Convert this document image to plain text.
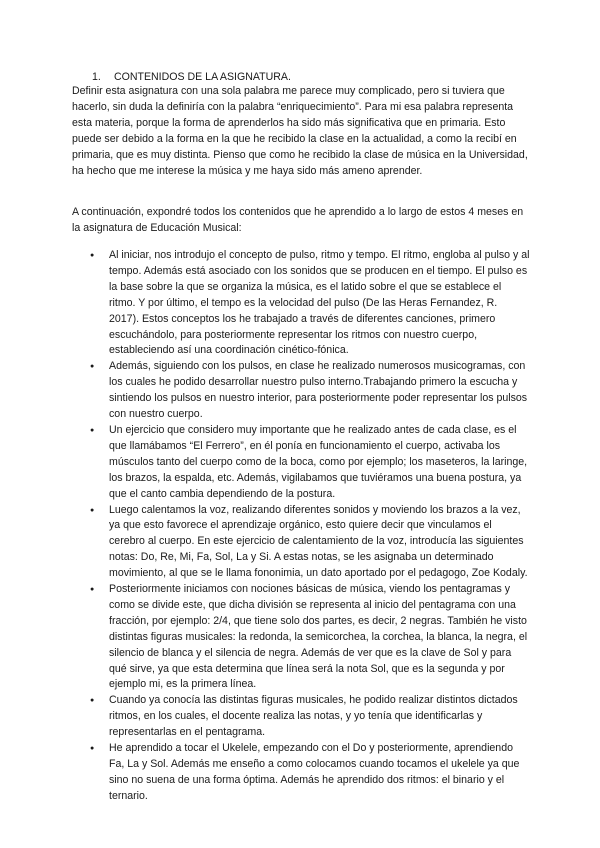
1. CONTENIDOS DE LA ASIGNATURA.

Definir esta asignatura con una sola palabra me parece muy complicado, pero si tuviera que hacerlo, sin duda la definiría con la palabra “enriquecimiento”. Para mi esa palabra representa esta materia, porque la forma de aprenderlos ha sido más significativa que en primaria. Esto puede ser debido a la forma en la que he recibido la clase en la actualidad, a como la recibí en primaria, que es muy distinta. Pienso que como he recibido la clase de música en la Universidad, ha hecho que me interese la música y me haya sido más ameno aprender.

A continuación, expondré todos los contenidos que he aprendido a lo largo de estos 4 meses en la asignatura de Educación Musical:

● Al iniciar, nos introdujo el concepto de pulso, ritmo y tempo. El ritmo, engloba al pulso y al tempo. Además está asociado con los sonidos que se producen en el tiempo. El pulso es la base sobre la que se organiza la música, es el latido sobre el que se establece el ritmo. Y por último, el tempo es la velocidad del pulso (De las Heras Fernandez, R. 2017). Estos conceptos los he trabajado a través de diferentes canciones, primero escuchándolo, para posteriormente representar los ritmos con nuestro cuerpo, estableciendo así una coordinación cinético-fónica.
● Además, siguiendo con los pulsos, en clase he realizado numerosos musicogramas, con los cuales he podido desarrollar nuestro pulso interno.Trabajando primero la escucha y sintiendo los pulsos en nuestro interior, para posteriormente poder representar los pulsos con nuestro cuerpo.
● Un ejercicio que considero muy importante que he realizado antes de cada clase, es el que llamábamos “El Ferrero”, en él ponía en funcionamiento el cuerpo, activaba los músculos tanto del cuerpo como de la boca, como por ejemplo; los maseteros, la laringe, los brazos, la espalda, etc. Además, vigilabamos que tuviéramos una buena postura, ya que el canto cambia dependiendo de la postura.
● Luego calentamos la voz, realizando diferentes sonidos y moviendo los brazos a la vez, ya que esto favorece el aprendizaje orgánico, esto quiere decir que vinculamos el cerebro al cuerpo. En este ejercicio de calentamiento de la voz, introducía las siguientes notas: Do, Re, Mi, Fa, Sol, La y Si. A estas notas, se les asignaba un determinado movimiento, al que se le llama fononimia, un dato aportado por el pedagogo, Zoe Kodaly.
● Posteriormente iniciamos con nociones básicas de música, viendo los pentagramas y como se divide este, que dicha división se representa al inicio del pentagrama con una fracción, por ejemplo: 2/4, que tiene solo dos partes, es decir, 2 negras. También he visto distintas figuras musicales: la redonda, la semicorchea, la corchea, la blanca, la negra, el silencio de blanca y el silencia de negra. Además de ver que es la clave de Sol y para qué sirve, ya que esta determina que línea será la nota Sol, que es la segunda y por ejemplo mi, es la primera línea.
● Cuando ya conocía las distintas figuras musicales, he podido realizar distintos dictados ritmos, en los cuales, el docente realiza las notas, y yo tenía que identificarlas y representarlas en el pentagrama.
● He aprendido a tocar el Ukelele, empezando con el Do y posteriormente, aprendiendo Fa, La y Sol. Además me enseño a como colocamos cuando tocamos el ukelele ya que sino no suena de una forma óptima. Además he aprendido dos ritmos: el binario y el ternario.
